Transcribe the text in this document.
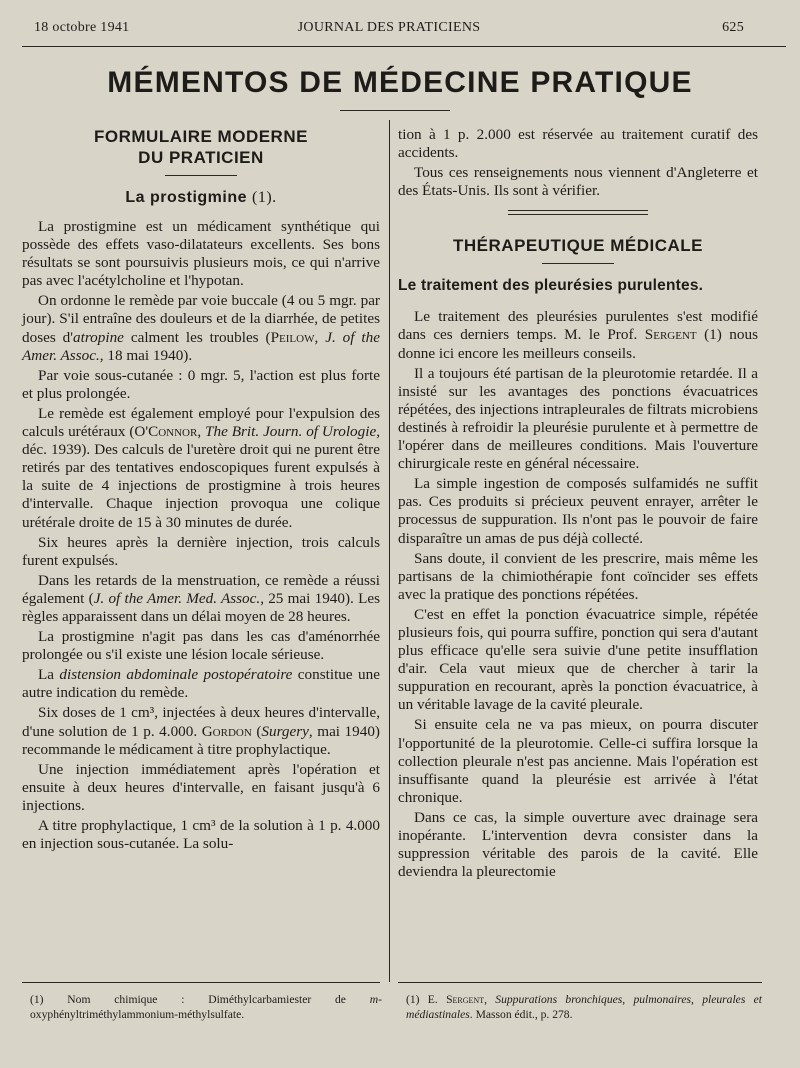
18 octobre 1941	JOURNAL DES PRATICIENS	625
MÉMENTOS DE MÉDECINE PRATIQUE
FORMULAIRE MODERNE
DU PRATICIEN
La prostigmine (1).

La prostigmine est un médicament synthétique qui possède des effets vaso-dilatateurs excellents. Ses bons résultats se sont poursuivis plusieurs mois, ce qui n'arrive pas avec l'acétylcholine et l'hypotan.

On ordonne le remède par voie buccale (4 ou 5 mgr. par jour). S'il entraîne des douleurs et de la diarrhée, de petites doses d'atropine calment les troubles (Peilow, J. of the Amer. Assoc., 18 mai 1940).

Par voie sous-cutanée : 0 mgr. 5, l'action est plus forte et plus prolongée.

Le remède est également employé pour l'expulsion des calculs urétéraux (O'Connor, The Brit. Journ. of Urologie, déc. 1939). Des calculs de l'uretère droit qui ne purent être retirés par des tentatives endoscopiques furent expulsés à la suite de 4 injections de prostigmine à trois heures d'intervalle. Chaque injection provoqua une colique urétérale droite de 15 à 30 minutes de durée.

Six heures après la dernière injection, trois calculs furent expulsés.

Dans les retards de la menstruation, ce remède a réussi également (J. of the Amer. Med. Assoc., 25 mai 1940). Les règles apparaissent dans un délai moyen de 28 heures.

La prostigmine n'agit pas dans les cas d'aménorrhée prolongée ou s'il existe une lésion locale sérieuse.

La distension abdominale postopératoire constitue une autre indication du remède.

Six doses de 1 cm³, injectées à deux heures d'intervalle, d'une solution de 1 p. 4.000. Gordon (Surgery, mai 1940) recommande le médicament à titre prophylactique.

Une injection immédiatement après l'opération et ensuite à deux heures d'intervalle, en faisant jusqu'à 6 injections.

A titre prophylactique, 1 cm³ de la solution à 1 p. 4.000 en injection sous-cutanée. La solu-

tion à 1 p. 2.000 est réservée au traitement curatif des accidents.

Tous ces renseignements nous viennent d'Angleterre et des États-Unis. Ils sont à vérifier.

THÉRAPEUTIQUE MÉDICALE
Le traitement des pleurésies purulentes.

Le traitement des pleurésies purulentes s'est modifié dans ces derniers temps. M. le Prof. Sergent (1) nous donne ici encore les meilleurs conseils.

Il a toujours été partisan de la pleurotomie retardée. Il a insisté sur les avantages des ponctions évacuatrices répétées, des injections intrapleurales de filtrats microbiens destinés à refroidir la pleurésie purulente et à permettre de l'opérer dans de meilleures conditions. Mais l'ouverture chirurgicale reste en général nécessaire.

La simple ingestion de composés sulfamidés ne suffit pas. Ces produits si précieux peuvent enrayer, arrêter le processus de suppuration. Ils n'ont pas le pouvoir de faire disparaître un amas de pus déjà collecté.

Sans doute, il convient de les prescrire, mais même les partisans de la chimiothérapie font coïncider ses effets avec la pratique des ponctions répétées.

C'est en effet la ponction évacuatrice simple, répétée plusieurs fois, qui pourra suffire, ponction qui sera d'autant plus efficace qu'elle sera suivie d'une petite insufflation d'air. Cela vaut mieux que de chercher à tarir la suppuration en recourant, après la ponction évacuatrice, à un véritable lavage de la cavité pleurale.

Si ensuite cela ne va pas mieux, on pourra discuter l'opportunité de la pleurotomie. Celle-ci suffira lorsque la collection pleurale n'est pas ancienne. Mais l'opération est insuffisante quand la pleurésie est arrivée à l'état chronique.

Dans ce cas, la simple ouverture avec drainage sera inopérante. L'intervention devra consister dans la suppression véritable des parois de la cavité. Elle deviendra la pleurectomie

(1) Nom chimique : Diméthylcarbamiester de m-oxyphényltriméthylammonium-méthylsulfate.
(1) E. Sergent, Suppurations bronchiques, pulmonaires, pleurales et médiastinales. Masson édit., p. 278.
